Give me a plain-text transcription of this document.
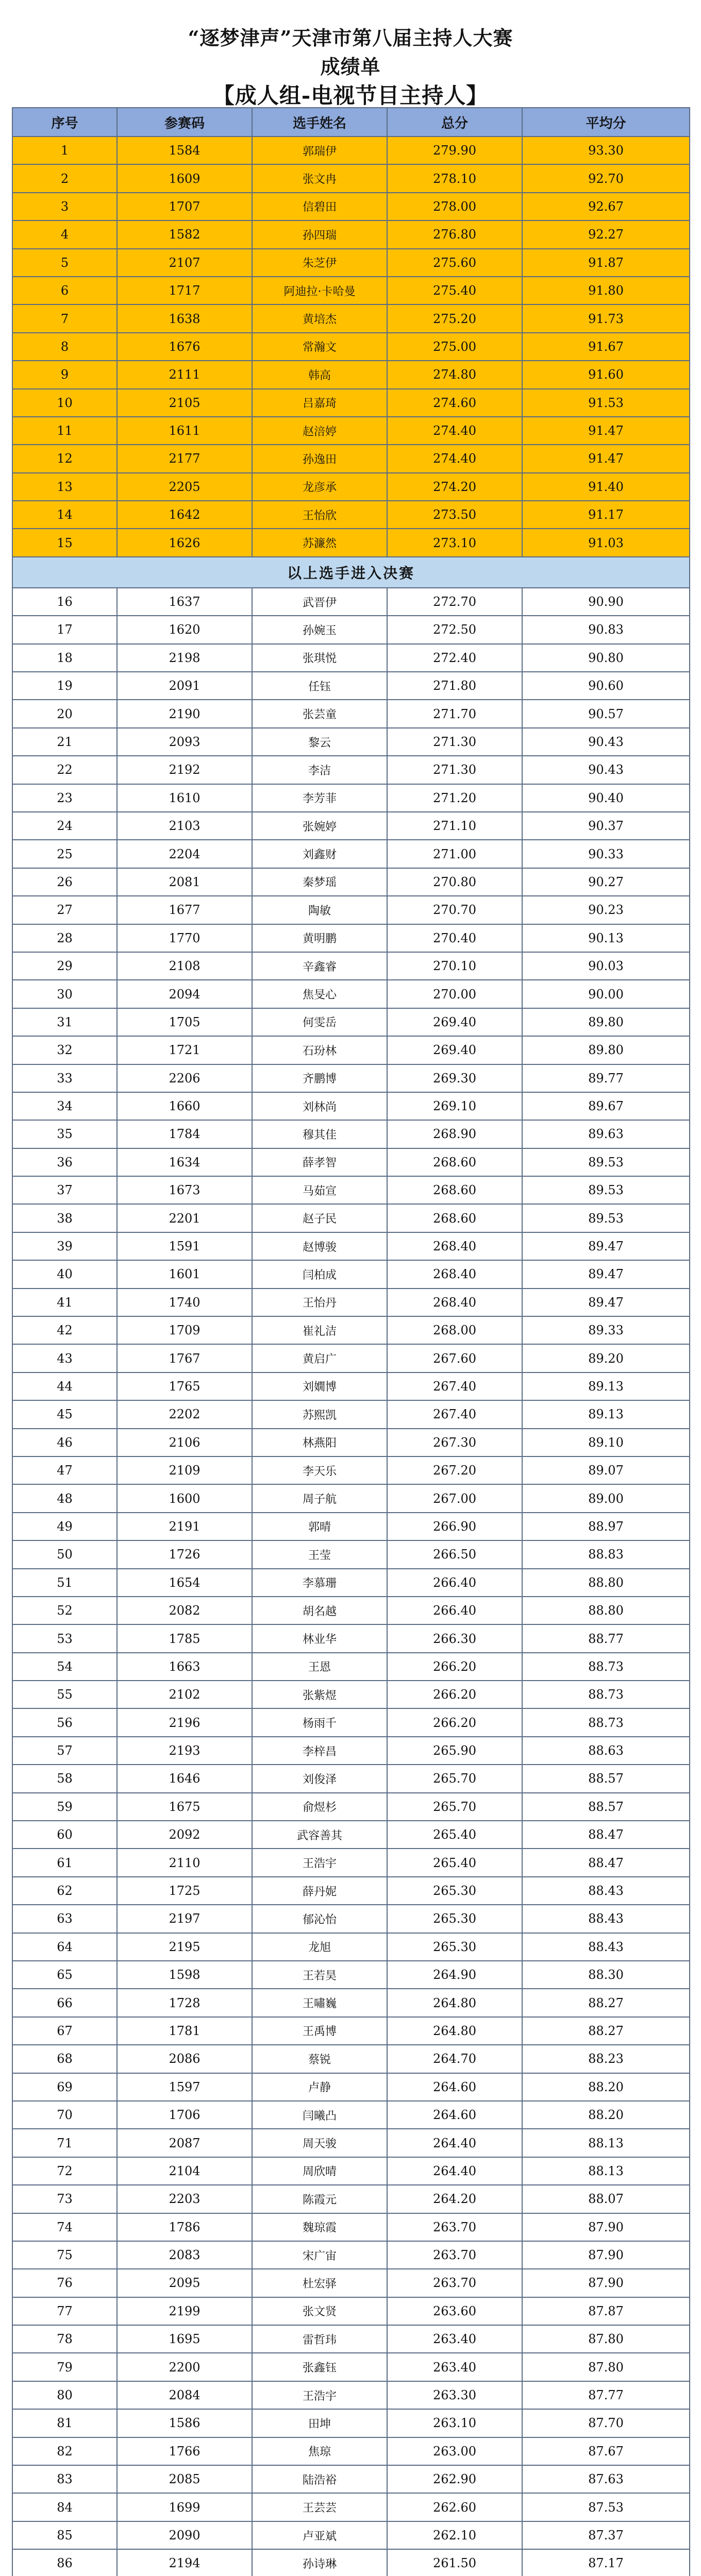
“逐梦津声”天津市第八届主持人大赛
成绩单
【成人组-电视节目主持人】
序号	参赛码	选手姓名	总分	平均分
1	1584	郭瑞伊	279.90	93.30
2	1609	张文冉	278.10	92.70
3	1707	信碧田	278.00	92.67
4	1582	孙四瑞	276.80	92.27
5	2107	朱芝伊	275.60	91.87
6	1717	阿迪拉·卡哈曼	275.40	91.80
7	1638	黄培杰	275.20	91.73
8	1676	常瀚文	275.00	91.67
9	2111	韩高	274.80	91.60
10	2105	吕嘉琦	274.60	91.53
11	1611	赵涪婷	274.40	91.47
12	2177	孙逸田	274.40	91.47
13	2205	龙彦承	274.20	91.40
14	1642	王怡欣	273.50	91.17
15	1626	苏濂然	273.10	91.03
以上选手进入决赛				
16	1637	武晋伊	272.70	90.90
17	1620	孙婉玉	272.50	90.83
18	2198	张琪悦	272.40	90.80
19	2091	任钰	271.80	90.60
20	2190	张芸童	271.70	90.57
21	2093	黎云	271.30	90.43
22	2192	李洁	271.30	90.43
23	1610	李芳菲	271.20	90.40
24	2103	张婉婷	271.10	90.37
25	2204	刘鑫财	271.00	90.33
26	2081	秦梦瑶	270.80	90.27
27	1677	陶敏	270.70	90.23
28	1770	黄明鹏	270.40	90.13
29	2108	辛鑫睿	270.10	90.03
30	2094	焦旻心	270.00	90.00
31	1705	何雯岳	269.40	89.80
32	1721	石玢林	269.40	89.80
33	2206	齐鹏博	269.30	89.77
34	1660	刘林尚	269.10	89.67
35	1784	穆其佳	268.90	89.63
36	1634	薛孝智	268.60	89.53
37	1673	马茹宣	268.60	89.53
38	2201	赵子民	268.60	89.53
39	1591	赵博骏	268.40	89.47
40	1601	闫柏成	268.40	89.47
41	1740	王怡丹	268.40	89.47
42	1709	崔礼洁	268.00	89.33
43	1767	黄启广	267.60	89.20
44	1765	刘嫺博	267.40	89.13
45	2202	苏熙凯	267.40	89.13
46	2106	林燕阳	267.30	89.10
47	2109	李天乐	267.20	89.07
48	1600	周子航	267.00	89.00
49	2191	郭晴	266.90	88.97
50	1726	王莹	266.50	88.83
51	1654	李慕珊	266.40	88.80
52	2082	胡名越	266.40	88.80
53	1785	林业华	266.30	88.77
54	1663	王恩	266.20	88.73
55	2102	张紫煜	266.20	88.73
56	2196	杨雨千	266.20	88.73
57	2193	李梓昌	265.90	88.63
58	1646	刘俊泽	265.70	88.57
59	1675	俞煜杉	265.70	88.57
60	2092	武容善其	265.40	88.47
61	2110	王浩宇	265.40	88.47
62	1725	薛丹妮	265.30	88.43
63	2197	郁沁怡	265.30	88.43
64	2195	龙旭	265.30	88.43
65	1598	王若昊	264.90	88.30
66	1728	王嘯巍	264.80	88.27
67	1781	王禹博	264.80	88.27
68	2086	蔡锐	264.70	88.23
69	1597	卢静	264.60	88.20
70	1706	闫曦凸	264.60	88.20
71	2087	周天骏	264.40	88.13
72	2104	周欣晴	264.40	88.13
73	2203	陈霞元	264.20	88.07
74	1786	魏琼霞	263.70	87.90
75	2083	宋广宙	263.70	87.90
76	2095	杜宏驿	263.70	87.90
77	2199	张文贤	263.60	87.87
78	1695	雷哲玮	263.40	87.80
79	2200	张鑫钰	263.40	87.80
80	2084	王浩宇	263.30	87.77
81	1586	田坤	263.10	87.70
82	1766	焦琼	263.00	87.67
83	2085	陆浩裕	262.90	87.63
84	1699	王芸芸	262.60	87.53
85	2090	卢亚斌	262.10	87.37
86	2194	孙诗琳	261.50	87.17
